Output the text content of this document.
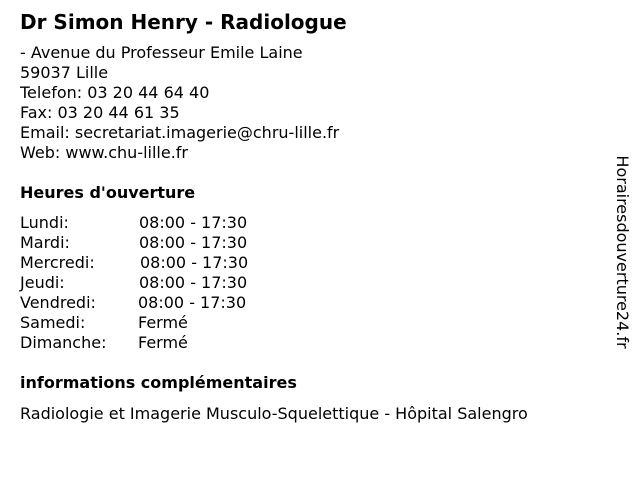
Dr Simon Henry - Radiologue
- Avenue du Professeur Emile Laine
59037 Lille
Telefon: 03 20 44 64 40
Fax: 03 20 44 61 35
Email: secretariat.imagerie@chru-lille.fr
Web: www.chu-lille.fr
Heures d'ouverture
Lundi:	08:00 - 17:30
Mardi:	08:00 - 17:30
Mercredi:	08:00 - 17:30
Jeudi:	08:00 - 17:30
Vendredi:	08:00 - 17:30
Samedi:	Fermé
Dimanche: Fermé
informations complémentaires
Radiologie et Imagerie Musculo-Squelettique - Hôpital Salengro
Horairesdouverture24.fr
